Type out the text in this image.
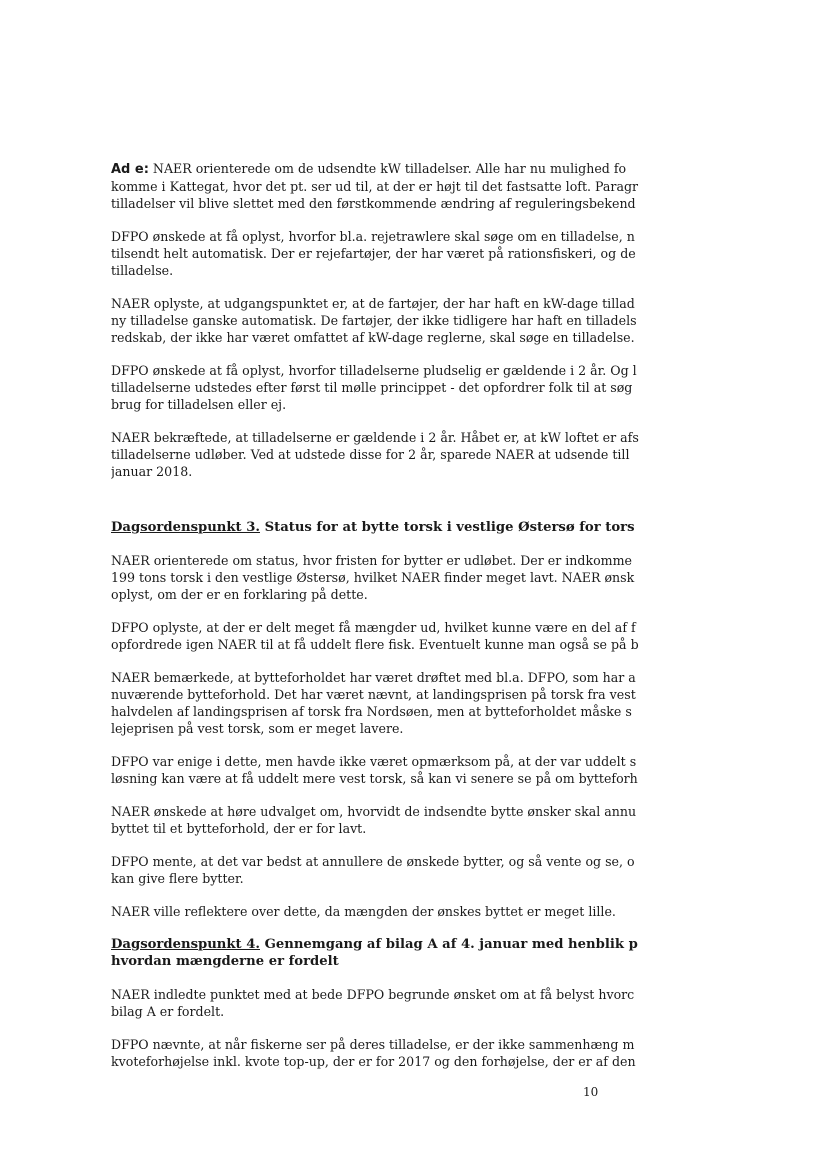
Ad e: NAER orienterede om de udsendte kW tilladelser. Alle har nu mulighed fo
komme i Kattegat, hvor det pt. ser ud til, at der er højt til det fastsatte loft. Paragr
tilladelser vil blive slettet med den førstkommende ændring af reguleringsbekend

DFPO ønskede at få oplyst, hvorfor bl.a. rejetrawlere skal søge om en tilladelse, n
tilsendt helt automatisk. Der er rejefartøjer, der har været på rationsfiskeri, og de
tilladelse.

NAER oplyste, at udgangspunktet er, at de fartøjer, der har haft en kW-dage tillad
ny tilladelse ganske automatisk. De fartøjer, der ikke tidligere har haft en tilladels
redskab, der ikke har været omfattet af kW-dage reglerne, skal søge en tilladelse.

DFPO ønskede at få oplyst, hvorfor tilladelserne pludselig er gældende i 2 år. Og l
tilladelserne udstedes efter først til mølle princippet - det opfordrer folk til at søg
brug for tilladelsen eller ej.

NAER bekræftede, at tilladelserne er gældende i 2 år. Håbet er, at kW loftet er afs
tilladelserne udløber. Ved at udstede disse for 2 år, sparede NAER at udsende till
januar 2018.

Dagsordenspunkt 3. Status for at bytte torsk i vestlige Østersø for tors

NAER orienterede om status, hvor fristen for bytter er udløbet. Der er indkomme
199 tons torsk i den vestlige Østersø, hvilket NAER finder meget lavt. NAER ønsk
oplyst, om der er en forklaring på dette.

DFPO oplyste, at der er delt meget få mængder ud, hvilket kunne være en del af f
opfordrede igen NAER til at få uddelt flere fisk. Eventuelt kunne man også se på b

NAER bemærkede, at bytteforholdet har været drøftet med bl.a. DFPO, som har a
nuværende bytteforhold. Det har været nævnt, at landingsprisen på torsk fra vest
halvdelen af landingsprisen af torsk fra Nordsøen, men at bytteforholdet måske s
lejeprisen på vest torsk, som er meget lavere.

DFPO var enige i dette, men havde ikke været opmærksom på, at der var uddelt s
løsning kan være at få uddelt mere vest torsk, så kan vi senere se på om bytteforh

NAER ønskede at høre udvalget om, hvorvidt de indsendte bytte ønsker skal annu
byttet til et bytteforhold, der er for lavt.

DFPO mente, at det var bedst at annullere de ønskede bytter, og så vente og se, o
kan give flere bytter.

NAER ville reflektere over dette, da mængden der ønskes byttet er meget lille.

Dagsordenspunkt 4. Gennemgang af bilag A af 4. januar med henblik p
hvordan mængderne er fordelt

NAER indledte punktet med at bede DFPO begrunde ønsket om at få belyst hvorc
bilag A er fordelt.

DFPO nævnte, at når fiskerne ser på deres tilladelse, er der ikke sammenhæng m
kvoteforhøjelse inkl. kvote top-up, der er for 2017 og den forhøjelse, der er af den

10
